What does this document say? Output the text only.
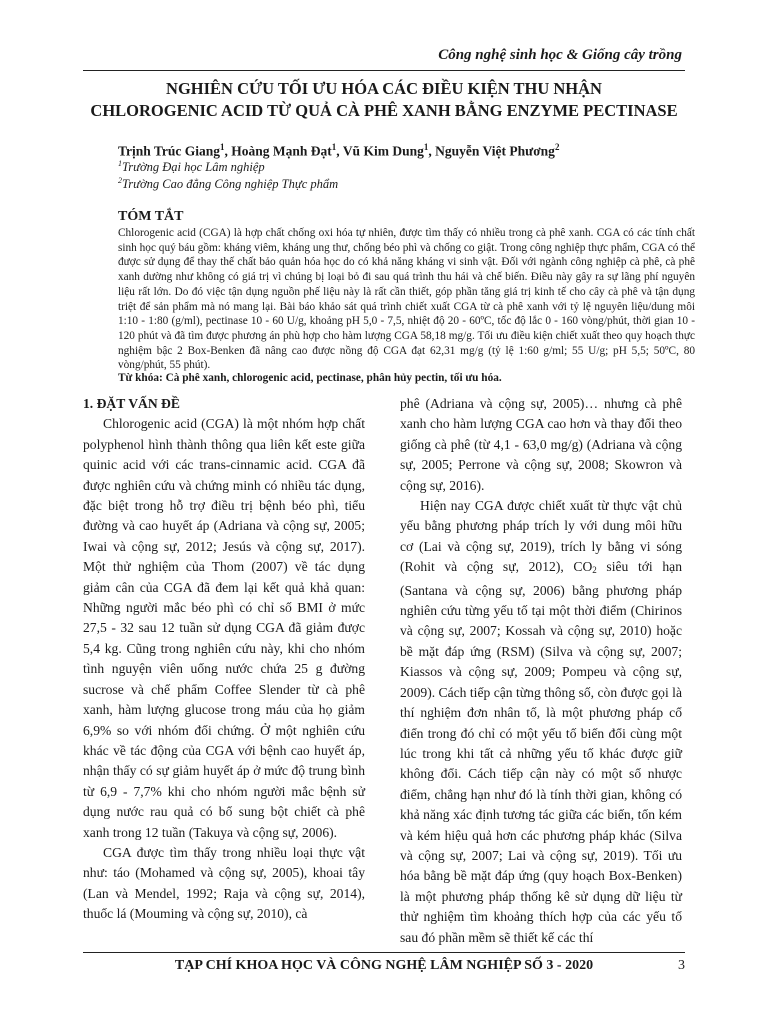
Công nghệ sinh học & Giống cây trồng
NGHIÊN CỨU TỐI ƯU HÓA CÁC ĐIỀU KIỆN THU NHẬN
CHLOROGENIC ACID TỪ QUẢ CÀ PHÊ XANH BẰNG ENZYME PECTINASE
Trịnh Trúc Giang$^1$, Hoàng Mạnh Đạt$^1$, Vũ Kim Dung$^1$, Nguyễn Việt Phương$^2$
$^1$Trường Đại học Lâm nghiệp
$^2$Trường Cao đẳng Công nghiệp Thực phẩm
TÓM TẮT
Chlorogenic acid (CGA) là hợp chất chống oxi hóa tự nhiên, được tìm thấy có nhiều trong cà phê xanh. CGA có các tính chất sinh học quý báu gồm: kháng viêm, kháng ung thư, chống béo phì và chống co giật. Trong công nghiệp thực phẩm, CGA có thể được sử dụng để thay thế chất bảo quản hóa học do có khả năng kháng vi sinh vật. Đối với ngành công nghiệp cà phê, cà phê xanh dường như không có giá trị vì chúng bị loại bỏ đi sau quá trình thu hái và chế biến. Điều này gây ra sự lãng phí nguyên liệu rất lớn. Do đó việc tận dụng nguồn phế liệu này là rất cần thiết, góp phần tăng giá trị kinh tế cho cây cà phê và tận dụng triệt để sản phẩm mà nó mang lại. Bài báo khảo sát quá trình chiết xuất CGA từ cà phê xanh với tỷ lệ nguyên liệu/dung môi 1:10 - 1:80 (g/ml), pectinase 10 - 60 U/g, khoảng pH 5,0 - 7,5, nhiệt độ 20 - 60ºC, tốc độ lắc 0 - 160 vòng/phút, thời gian 10 - 120 phút và đã tìm được phương án phù hợp cho hàm lượng CGA 58,18 mg/g. Tối ưu điều kiện chiết xuất theo quy hoạch thực nghiệm bậc 2 Box-Benken đã nâng cao được nồng độ CGA đạt 62,31 mg/g (tỷ lệ 1:60 g/ml; 55 U/g; pH 5,5; 50ºC, 80 vòng/phút, 55 phút).
Từ khóa: Cà phê xanh, chlorogenic acid, pectinase, phân hủy pectin, tối ưu hóa.
1. ĐẶT VẤN ĐỀ

Chlorogenic acid (CGA) là một nhóm hợp chất polyphenol hình thành thông qua liên kết este giữa quinic acid với các trans-cinnamic acid. CGA đã được nghiên cứu và chứng minh có nhiều tác dụng, đặc biệt trong hỗ trợ điều trị bệnh béo phì, tiểu đường và cao huyết áp (Adriana và cộng sự, 2005; Iwai và cộng sự, 2012; Jesús và cộng sự, 2017). Một thử nghiệm của Thom (2007) về tác dụng giảm cân của CGA đã đem lại kết quả khả quan: Những người mắc béo phì có chỉ số BMI ở mức 27,5 - 32 sau 12 tuần sử dụng CGA đã giảm được 5,4 kg. Cũng trong nghiên cứu này, khi cho nhóm tình nguyện viên uống nước chứa 25 g đường sucrose và chế phẩm Coffee Slender từ cà phê xanh, hàm lượng glucose trong máu của họ giảm 6,9% so với nhóm đối chứng. Ở một nghiên cứu khác về tác động của CGA với bệnh cao huyết áp, nhận thấy có sự giảm huyết áp ở mức độ trung bình từ 6,9 - 7,7% khi cho nhóm người mắc bệnh sử dụng nước rau quả có bổ sung bột chiết cà phê xanh trong 12 tuần (Takuya và cộng sự, 2006).

CGA được tìm thấy trong nhiều loại thực vật như: táo (Mohamed và cộng sự, 2005), khoai tây (Lan và Mendel, 1992; Raja và cộng sự, 2014), thuốc lá (Mouming và cộng sự, 2010), cà

phê (Adriana và cộng sự, 2005)… nhưng cà phê xanh cho hàm lượng CGA cao hơn và thay đổi theo giống cà phê (từ 4,1 - 63,0 mg/g) (Adriana và cộng sự, 2005; Perrone và cộng sự, 2008; Skowron và cộng sự, 2016).

Hiện nay CGA được chiết xuất từ thực vật chủ yếu bằng phương pháp trích ly với dung môi hữu cơ (Lai và cộng sự, 2019), trích ly bằng vi sóng (Rohit và cộng sự, 2012), $CO_2$ siêu tới hạn (Santana và cộng sự, 2006) bằng phương pháp nghiên cứu từng yếu tố tại một thời điểm (Chirinos và cộng sự, 2007; Kossah và cộng sự, 2010) hoặc bề mặt đáp ứng (RSM) (Silva và cộng sự, 2007; Kiassos và cộng sự, 2009; Pompeu và cộng sự, 2009). Cách tiếp cận từng thông số, còn được gọi là thí nghiệm đơn nhân tố, là một phương pháp cổ điển trong đó chỉ có một yếu tố biến đổi cùng một lúc trong khi tất cả những yếu tố khác được giữ không đổi. Cách tiếp cận này có một số nhược điểm, chẳng hạn như đó là tính thời gian, không có khả năng xác định tương tác giữa các biến, tốn kém và kém hiệu quả hơn các phương pháp khác (Silva và cộng sự, 2007; Lai và cộng sự, 2019). Tối ưu hóa bằng bề mặt đáp ứng (quy hoạch Box-Benken) là một phương pháp thống kê sử dụng dữ liệu từ thử nghiệm tìm khoảng thích hợp của các yếu tố sau đó phần mềm sẽ thiết kế các thí

TẠP CHÍ KHOA HỌC VÀ CÔNG NGHỆ LÂM NGHIỆP SỐ 3 - 2020	3
